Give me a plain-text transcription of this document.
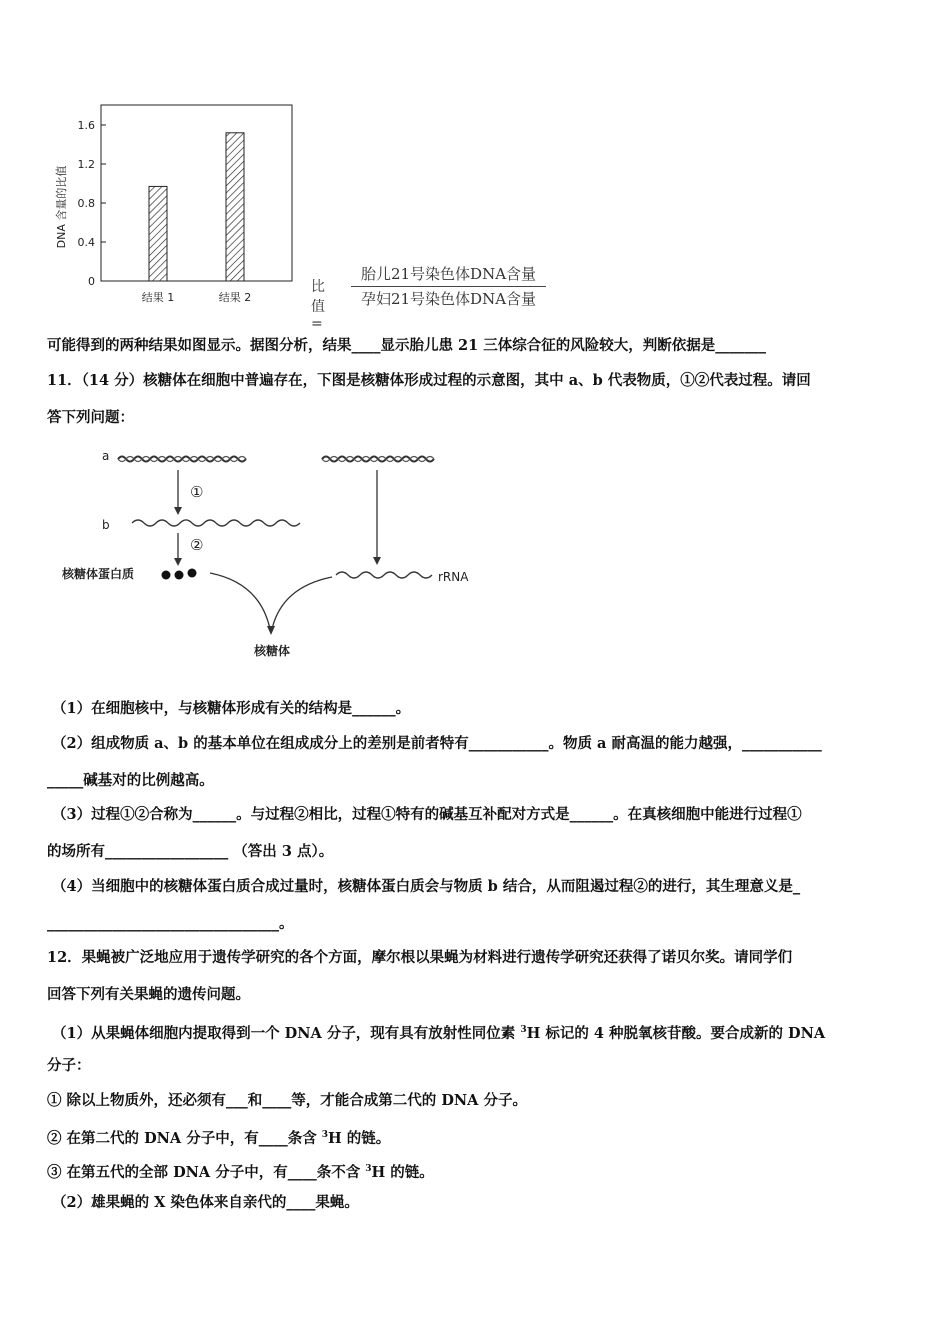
0
0.4
0.8
1.2
1.6
结果 1	结果 2
DNA 含量的比值
比值=
胎儿21号染色体DNA含量
孕妇21号染色体DNA含量
可能得到的两种结果如图显示。据图分析，结果____显示胎儿患 21 三体综合征的风险较大，判断依据是_______
11．（14 分）核糖体在细胞中普遍存在，下图是核糖体形成过程的示意图，其中 a、b 代表物质，①②代表过程。请回
答下列问题：
a
①
b
②
核糖体蛋白质	rRNA
核糖体
（1）在细胞核中，与核糖体形成有关的结构是______。
（2）组成物质 a、b 的基本单位在组成成分上的差别是前者特有___________。物质 a 耐高温的能力越强，___________
_____碱基对的比例越高。
（3）过程①②合称为______。与过程②相比，过程①特有的碱基互补配对方式是______。在真核细胞中能进行过程①
的场所有_________________ （答出 3 点）。
（4）当细胞中的核糖体蛋白质合成过量时，核糖体蛋白质会与物质 b 结合，从而阻遏过程②的进行，其生理意义是_
________________________________。
12．果蝇被广泛地应用于遗传学研究的各个方面，摩尔根以果蝇为材料进行遗传学研究还获得了诺贝尔奖。请同学们
回答下列有关果蝇的遗传问题。
（1）从果蝇体细胞内提取得到一个 DNA 分子，现有具有放射性同位素 $^3$H 标记的 4 种脱氧核苷酸。要合成新的 DNA
分子：
① 除以上物质外，还必须有___和____等，才能合成第二代的 DNA 分子。
② 在第二代的 DNA 分子中，有____条含 $^3$H 的链。
③ 在第五代的全部 DNA 分子中，有____条不含 $^3$H 的链。
（2）雄果蝇的 X 染色体来自亲代的____果蝇。
